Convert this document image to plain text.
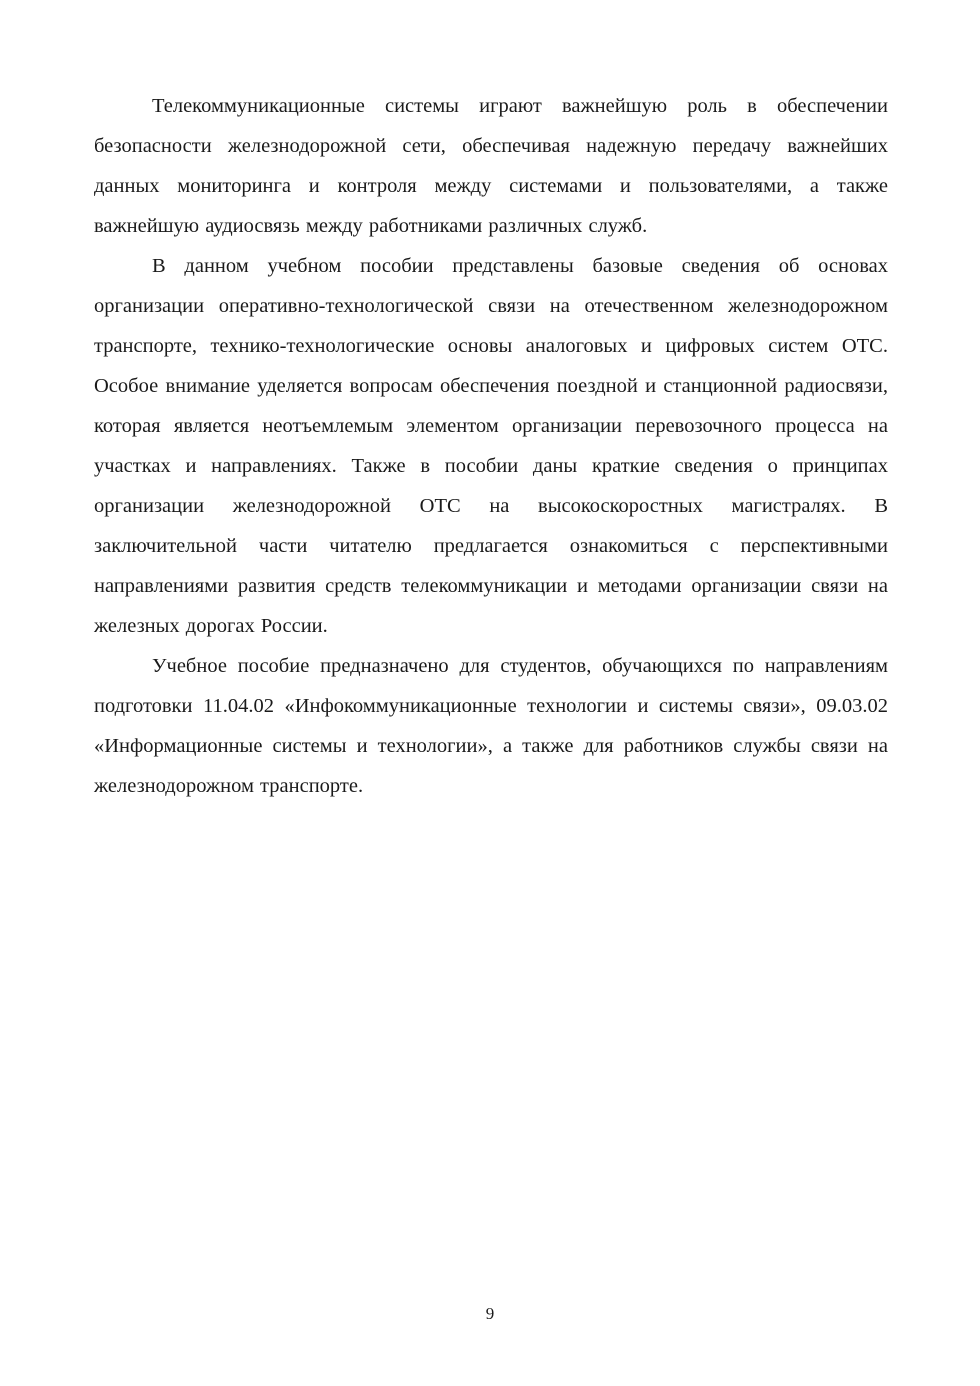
Телекоммуникационные системы играют важнейшую роль в обеспечении безопасности железнодорожной сети, обеспечивая надежную передачу важнейших данных мониторинга и контроля между системами и пользователями, а также важнейшую аудиосвязь между работниками различных служб.

В данном учебном пособии представлены базовые сведения об основах организации оперативно-технологической связи на отечественном железнодорожном транспорте, технико-технологические основы аналоговых и цифровых систем ОТС. Особое внимание уделяется вопросам обеспечения поездной и станционной радиосвязи, которая является неотъемлемым элементом организации перевозочного процесса на участках и направлениях. Также в пособии даны краткие сведения о принципах организации железнодорожной ОТС на высокоскоростных магистралях. В заключительной части читателю предлагается ознакомиться с перспективными направлениями развития средств телекоммуникации и методами организации связи на железных дорогах России.

Учебное пособие предназначено для студентов, обучающихся по направлениям подготовки 11.04.02 «Инфокоммуникационные технологии и системы связи», 09.03.02 «Информационные системы и технологии», а также для работников службы связи на железнодорожном транспорте.

9
